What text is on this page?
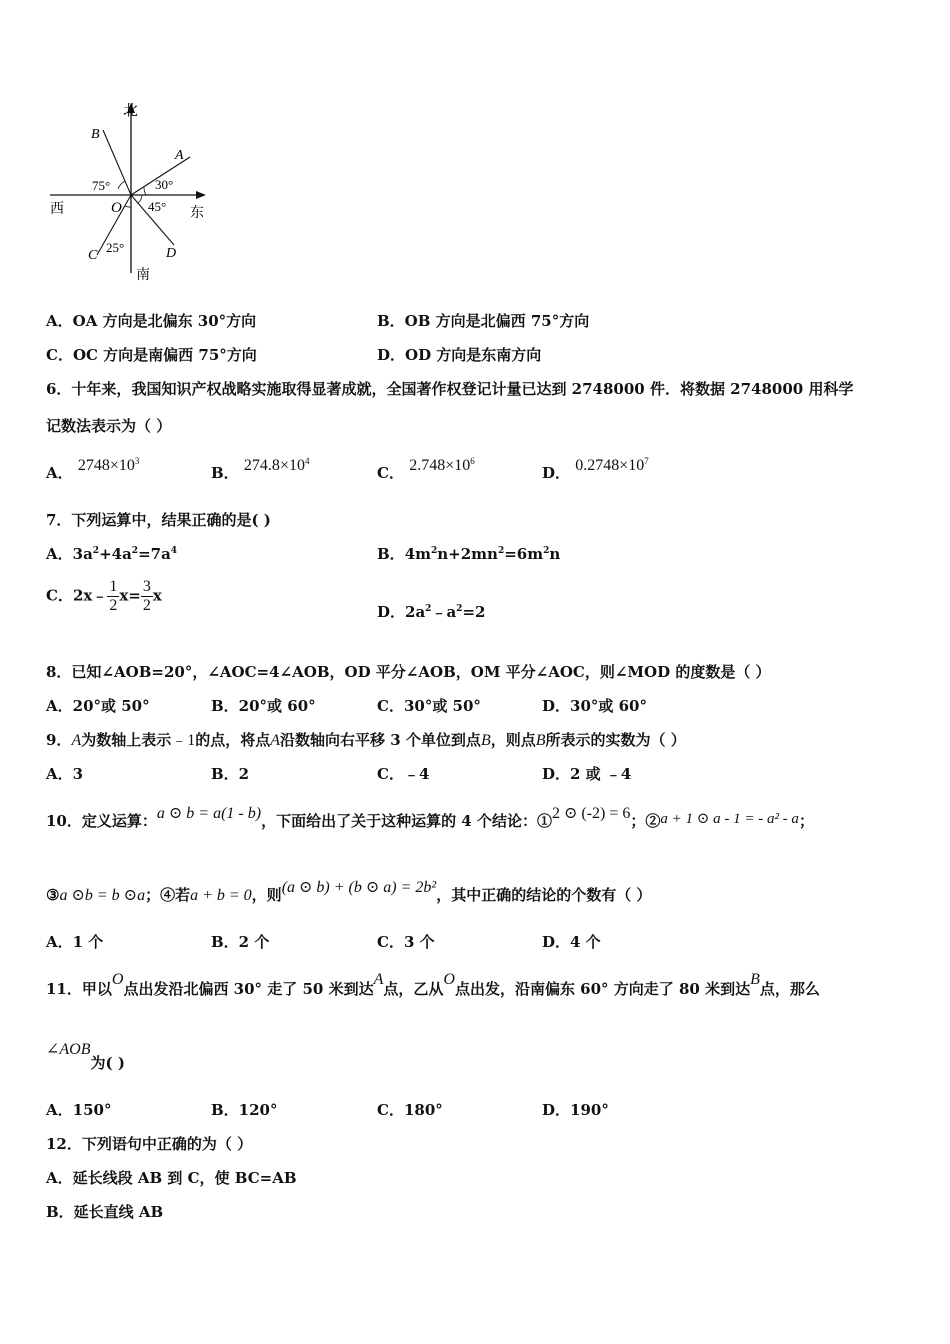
北
南
西	东
O
A
B
C	D
75°	30°
45°
25°
A．OA 方向是北偏东 30°方向	B．OB 方向是北偏西 75°方向
C．OC 方向是南偏西 75°方向	D．OD 方向是东南方向
6．十年来，我国知识产权战略实施取得显著成就，全国著作权登记计量已达到 2748000 件．将数据 2748000 用科学
记数法表示为（ ）
A． $2748\times 10^3$
B． $274.8\times 10^4$
C． $2.748\times 10^6$
D． $0.2748\times 10^7$
7．下列运算中，结果正确的是( )
A．$3a^2+4a^2=7a^4$	B．$4m^2n+2mn^2=6m^2n$
C．2x﹣ $\frac{1}{2} x= \frac{3}{2}$ x
D．$2a^2﹣a^2=2$
8．已知∠AOB=20°，∠AOC=4∠AOB，OD 平分∠AOB，OM 平分∠AOC，则∠MOD 的度数是（ ）
A．20°或 50°	B．20°或 60°	C．30°或 50°	D．30°或 60°
9．A为数轴上表示﹣1的点，将点A沿数轴向右平移 3 个单位到点B，则点B所表示的实数为（ ）
A．3	B．2	C．﹣4	D．2 或 ﹣4
10．定义运算：a ⊙ b = a(1 - b)，下面给出了关于这种运算的 4 个结论：①2 ⊙ (-2) = 6；②a + 1 ⊙ a - 1 = - a² - a；
③a ⊙b = b ⊙a；④若a + b = 0，则(a ⊙ b) + (b ⊙ a) = 2b²，其中正确的结论的个数有（ ）
A．1 个	B．2 个	C．3 个	D．4 个
11．甲以O点出发沿北偏西 30° 走了 50 米到达A点，乙从O点出发，沿南偏东 60° 方向走了 80 米到达B点，那么
∠AOB为( )
A．150°	B．120°	C．180°	D．190°
12．下列语句中正确的为（ ）
A．延长线段 AB 到 C，使 BC=AB
B．延长直线 AB
